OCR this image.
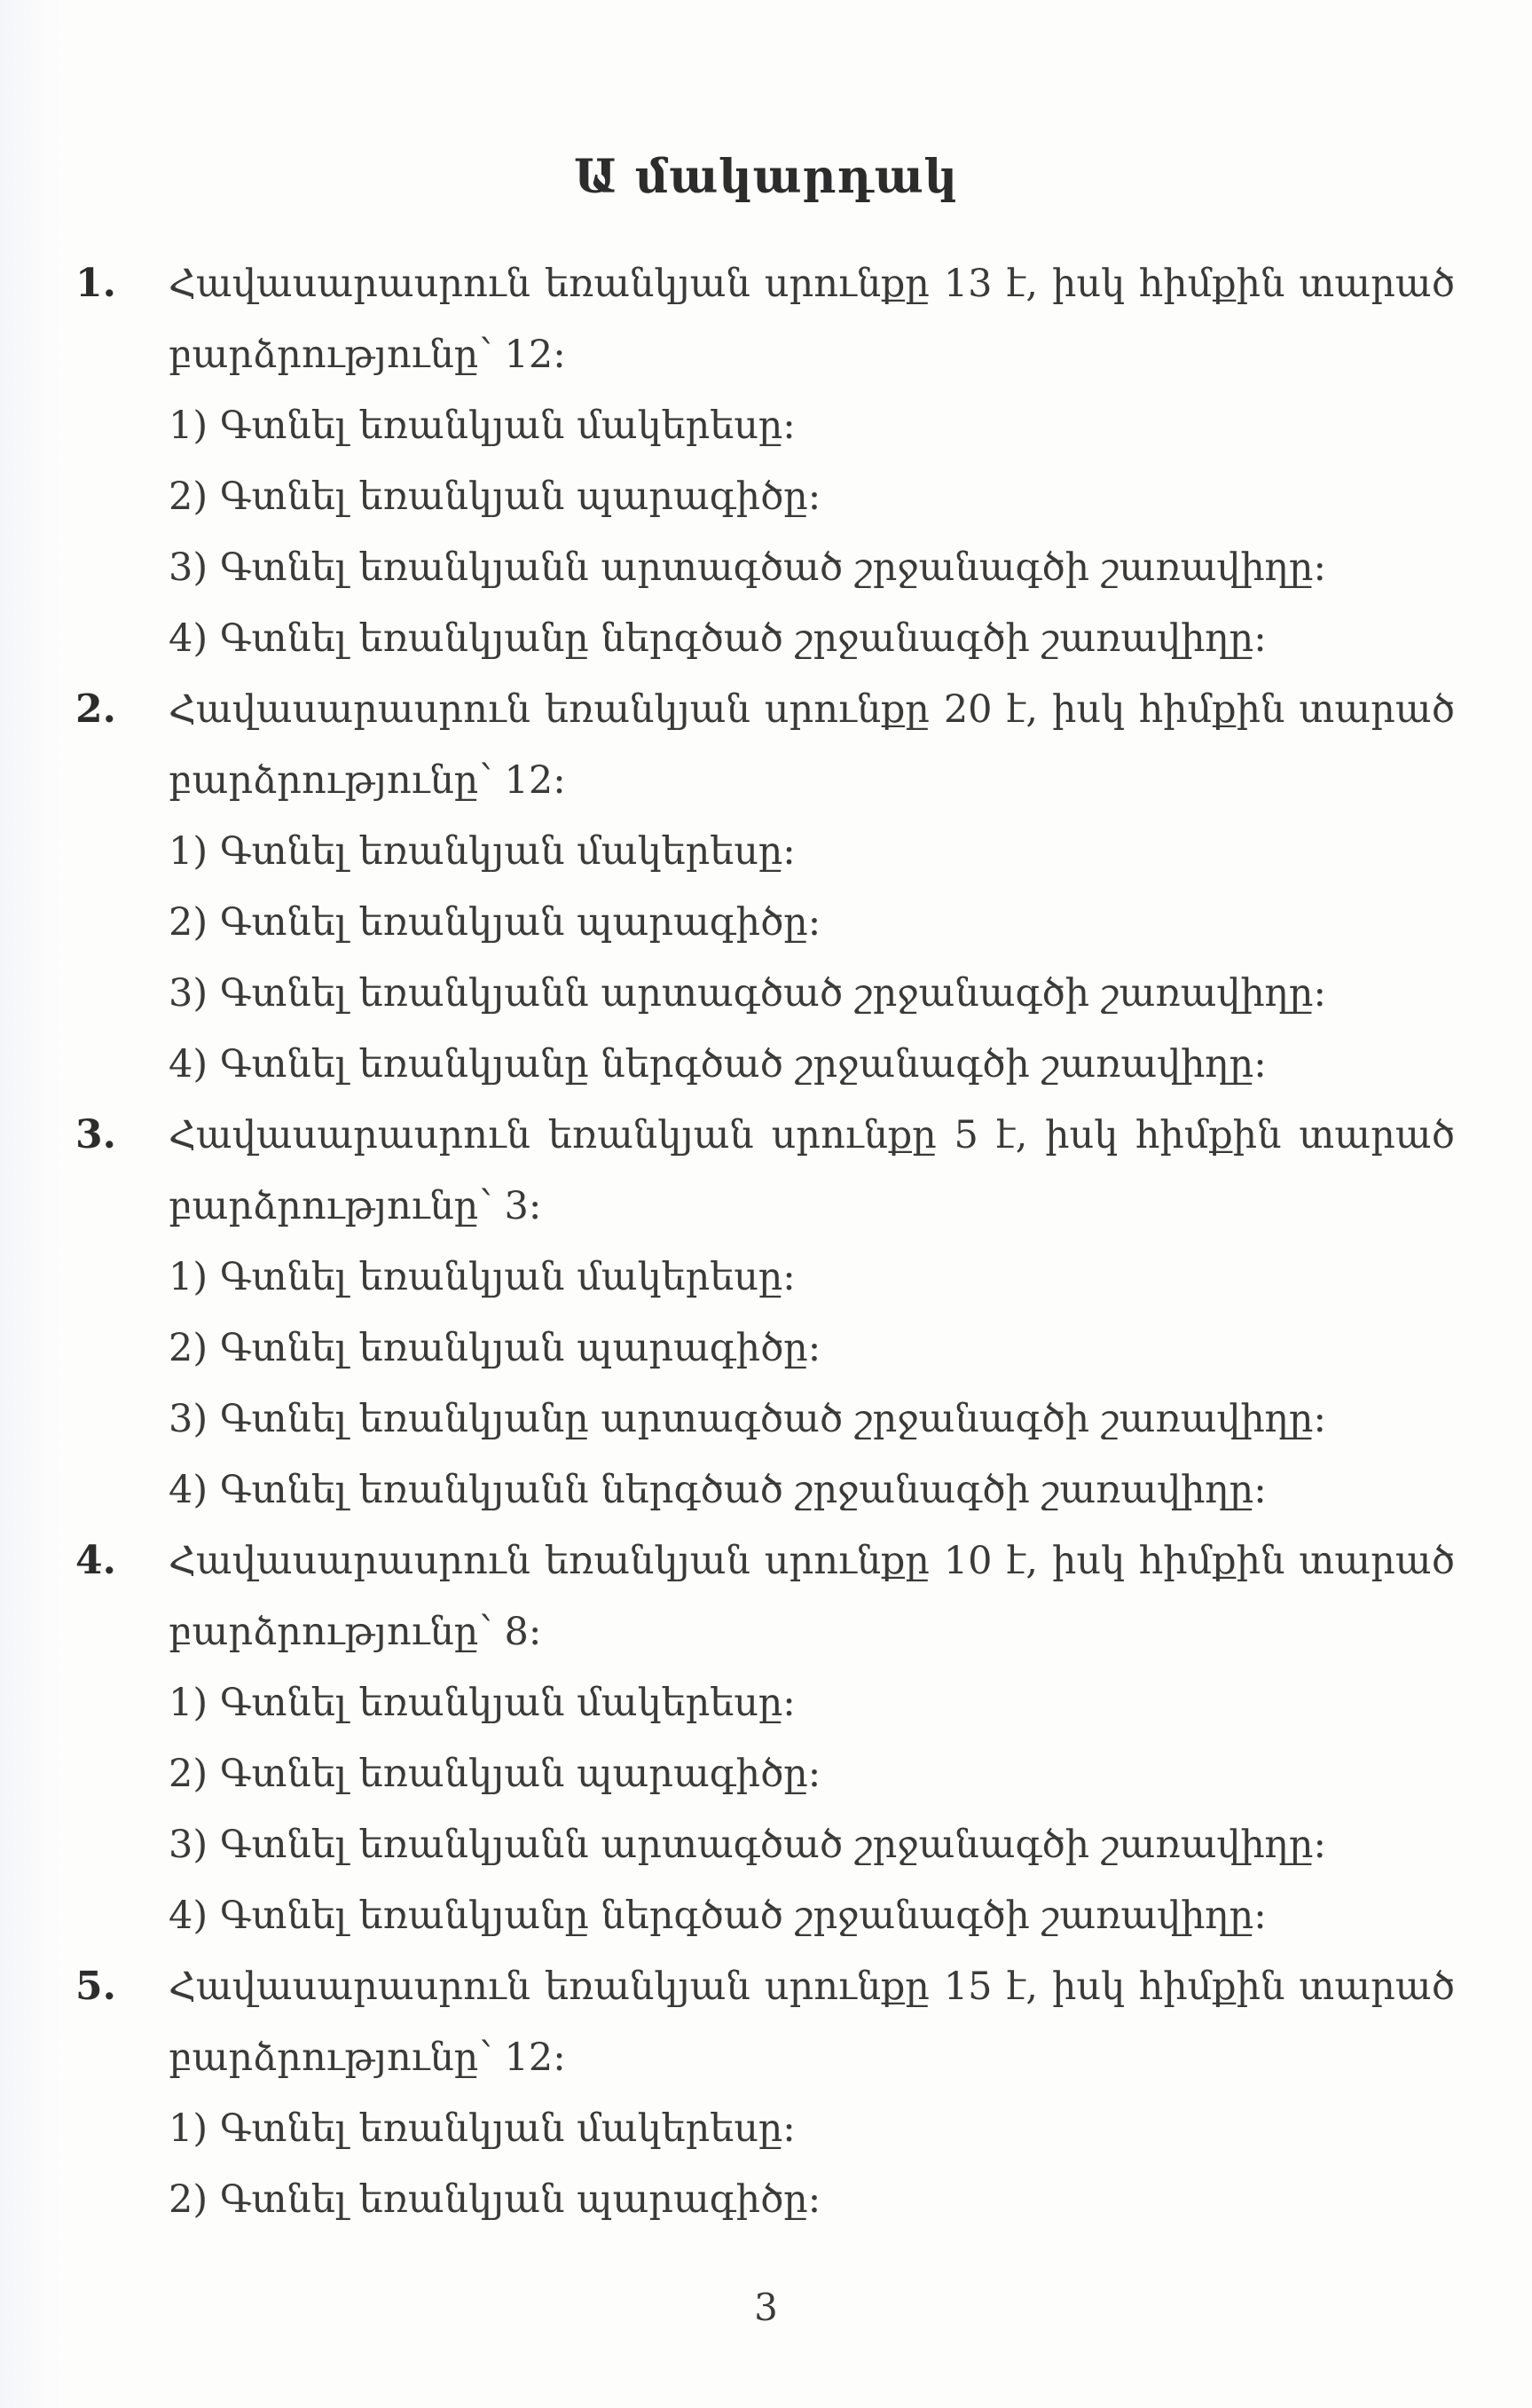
Ա մակարդակ
1.	Հավասարասրուն եռանկյան սրունքը 13 է, իսկ հիմքին տարած բարձրությունը՝ 12։

1) Գտնել եռանկյան մակերեսը։
2) Գտնել եռանկյան պարագիծը։
3) Գտնել եռանկյանն արտագծած շրջանագծի շառավիղը։
4) Գտնել եռանկյանը ներգծած շրջանագծի շառավիղը։
2.	Հավասարասրուն եռանկյան սրունքը 20 է, իսկ հիմքին տարած բարձրությունը՝ 12։

1) Գտնել եռանկյան մակերեսը։
2) Գտնել եռանկյան պարագիծը։
3) Գտնել եռանկյանն արտագծած շրջանագծի շառավիղը։
4) Գտնել եռանկյանը ներգծած շրջանագծի շառավիղը։
3.	Հավասարասրուն եռանկյան սրունքը 5 է, իսկ հիմքին տարած բարձրությունը՝ 3։

1) Գտնել եռանկյան մակերեսը։
2) Գտնել եռանկյան պարագիծը։
3) Գտնել եռանկյանը արտագծած շրջանագծի շառավիղը։
4) Գտնել եռանկյանն ներգծած շրջանագծի շառավիղը։
4.	Հավասարասրուն եռանկյան սրունքը 10 է, իսկ հիմքին տարած բարձրությունը՝ 8։

1) Գտնել եռանկյան մակերեսը։
2) Գտնել եռանկյան պարագիծը։
3) Գտնել եռանկյանն արտագծած շրջանագծի շառավիղը։
4) Գտնել եռանկյանը ներգծած շրջանագծի շառավիղը։
5.	Հավասարասրուն եռանկյան սրունքը 15 է, իսկ հիմքին տարած բարձրությունը՝ 12։

1) Գտնել եռանկյան մակերեսը։
2) Գտնել եռանկյան պարագիծը։
3
